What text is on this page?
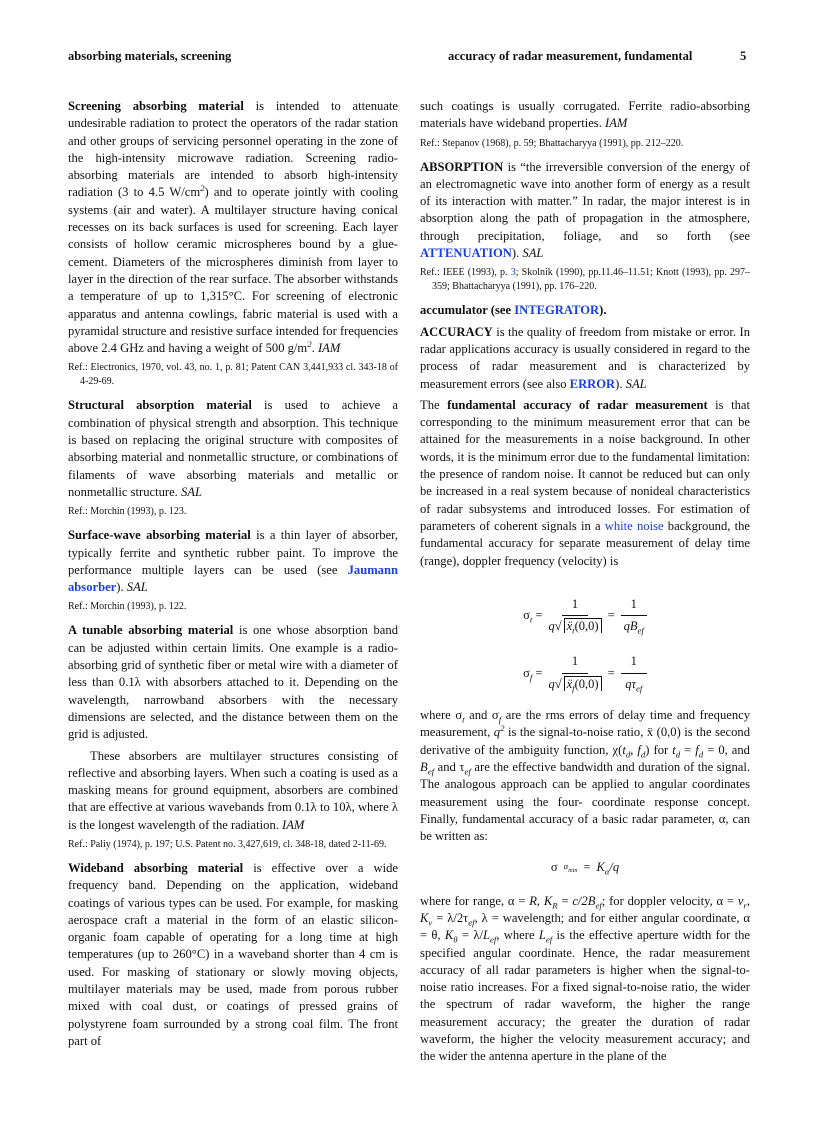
absorbing materials, screening	accuracy of radar measurement, fundamental	5

Screening absorbing material is intended to attenuate undesirable radiation to protect the operators of the radar station and other groups of servicing personnel operating in the zone of the high-intensity microwave radiation. Screening radio-absorbing materials are intended to absorb high-intensity radiation (3 to 4.5 $W/cm^2$) and to operate jointly with cooling systems (air and water). A multilayer structure having conical recesses on its back surfaces is used for screening. Each layer consists of hollow ceramic microspheres bound by a glue-cement. Diameters of the microspheres diminish from layer to layer in the direction of the rear surface. The absorber withstands a temperature of up to 1,315°C. For screening of electronic apparatus and antenna cowlings, fabric material is used with a pyramidal structure and resistive surface intended for frequencies above 2.4 GHz and having a weight of 500 $g/m^2$. IAM

Ref.: Electronics, 1970, vol. 43, no. 1, p. 81; Patent CAN 3,441,933 cl. 343-18 of 4-29-69.

Structural absorption material is used to achieve a combination of physical strength and absorption. This technique is based on replacing the original structure with composites of absorbing material and nonmetallic structure, or combinations of filaments of wave absorbing materials and metallic or nonmetallic structure. SAL

Ref.: Morchin (1993), p. 123.

Surface-wave absorbing material is a thin layer of absorber, typically ferrite and synthetic rubber paint. To improve the performance multiple layers can be used (see Jaumann absorber). SAL

Ref.: Morchin (1993), p. 122.

A tunable absorbing material is one whose absorption band can be adjusted within certain limits. One example is a radio-absorbing grid of synthetic fiber or metal wire with a diameter of less than 0.1λ with absorbers attached to it. Depending on the wavelength, narrowband absorbers with the necessary dimensions are selected, and the distance between them on the grid is adjusted.

These absorbers are multilayer structures consisting of reflective and absorbing layers. When such a coating is used as a masking means for ground equipment, absorbers are combined that are effective at various wavebands from 0.1λ to 10λ, where λ is the longest wavelength of the radiation. IAM

Ref.: Paliy (1974), p. 197; U.S. Patent no. 3,427,619, cl. 348-18, dated 2-11-69.

Wideband absorbing material is effective over a wide frequency band. Depending on the application, wideband coatings of various types can be used. For example, for masking aerospace craft a material in the form of an elastic silicon-organic foam capable of operating for a long time at high temperatures (up to 260°C) in a waveband shorter than 4 cm is used. For masking of stationary or slowly moving objects, multilayer materials may be used, made from porous rubber mixed with coal dust, or coatings of pressed grains of polystyrene foam surrounded by a strong coal film. The front part of

such coatings is usually corrugated. Ferrite radio-absorbing materials have wideband properties. IAM

Ref.: Stepanov (1968), p. 59; Bhattacharyya (1991), pp. 212–220.

ABSORPTION is “the irreversible conversion of the energy of an electromagnetic wave into another form of energy as a result of its interaction with matter.” In radar, the major interest is in absorption along the path of propagation in the atmosphere, through precipitation, foliage, and so forth (see ATTENUATION). SAL

Ref.: IEEE (1993), p. 3; Skolnik (1990), pp.11.46–11.51; Knott (1993), pp. 297–359; Bhattacharyya (1991), pp. 176–220.

accumulator (see INTEGRATOR).

ACCURACY is the quality of freedom from mistake or error. In radar applications accuracy is usually considered in regard to the process of radar measurement and is characterized by measurement errors (see also ERROR). SAL

The fundamental accuracy of radar measurement is that corresponding to the minimum measurement error that can be attained for the measurements in a noise background. In other words, it is the minimum error due to the fundamental limitation: the presence of random noise. It cannot be reduced but can only be increased in a real system because of nonideal characteristics of radar subsystems and introduced losses. For estimation of parameters of coherent signals in a white noise background, the fundamental accuracy for separate measurement of delay time (range), doppler frequency (velocity) is

$\sigma_t = \frac{1}{q√ ẍ_t(0,0)} = \frac{1}{qB_{ef}}$
$\sigma_f = \frac{1}{q√ ẍ_f(0,0)} = \frac{1}{q\tau_{ef}}$

where $\sigma_t$ and $\sigma_f$ are the rms errors of delay time and frequency measurement, $q^2$ is the signal-to-noise ratio, ẍ (0,0) is the second derivative of the ambiguity function, $\chi(t_d$, $f_d$) for $t_d = f_d = 0$, and $B_{ef}$ and $\tau_{ef}$ are the effective bandwidth and duration of the signal. The analogous approach can be applied to angular coordinates measurement using the four- coordinate response concept. Finally, fundamental accuracy of a basic radar parameter, α, can be written as:

σ $\alpha_{min} = K_\alpha/q$

where for range, α = R, $K_R = c/2B_{ef}$; for doppler velocity, $\alpha = v_r$, $K_v = \lambda/2\tau_{ef}$, λ = wavelength; and for either angular coordinate, α = θ, $K_\theta = \lambda/L_{ef}$, where $L_{ef}$ is the effective aperture width for the specified angular coordinate. Hence, the radar measurement accuracy of all radar parameters is higher when the signal-to-noise ratio increases. For a fixed signal-to-noise ratio, the wider the spectrum of radar waveform, the higher the range measurement accuracy; the greater the duration of radar waveform, the higher the velocity measurement accuracy; and the wider the antenna aperture in the plane of the
